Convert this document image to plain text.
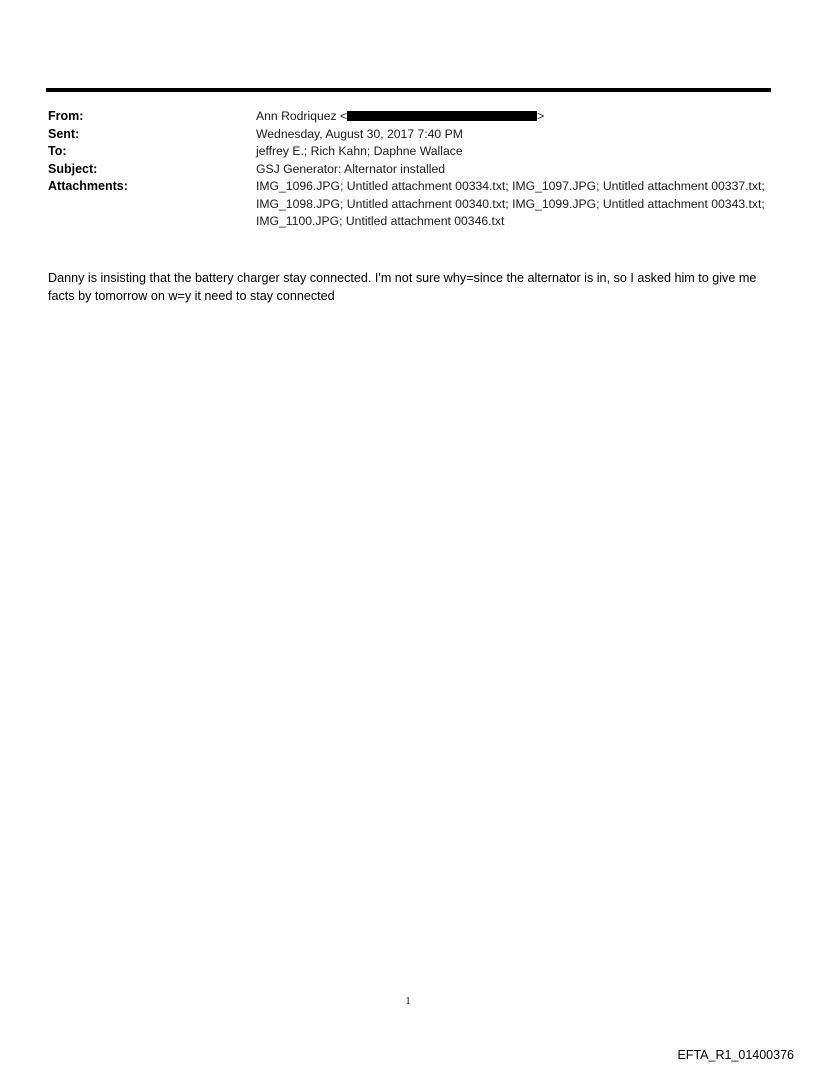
From:	Ann Rodriquez <	>
Sent:	Wednesday, August 30, 2017 7:40 PM
To:	jeffrey E.; Rich Kahn; Daphne Wallace
Subject:	GSJ Generator: Alternator installed
Attachments:	IMG_1096.JPG; Untitled attachment 00334.txt; IMG_1097.JPG; Untitled attachment 00337.txt; IMG_1098.JPG; Untitled attachment 00340.txt; IMG_1099.JPG; Untitled attachment 00343.txt; IMG_1100.JPG; Untitled attachment 00346.txt
Danny is insisting that the battery charger stay connected. I'm not sure why=since the alternator is in, so I asked him to give me facts by tomorrow on w=y it need to stay connected
1
EFTA_R1_01400376
